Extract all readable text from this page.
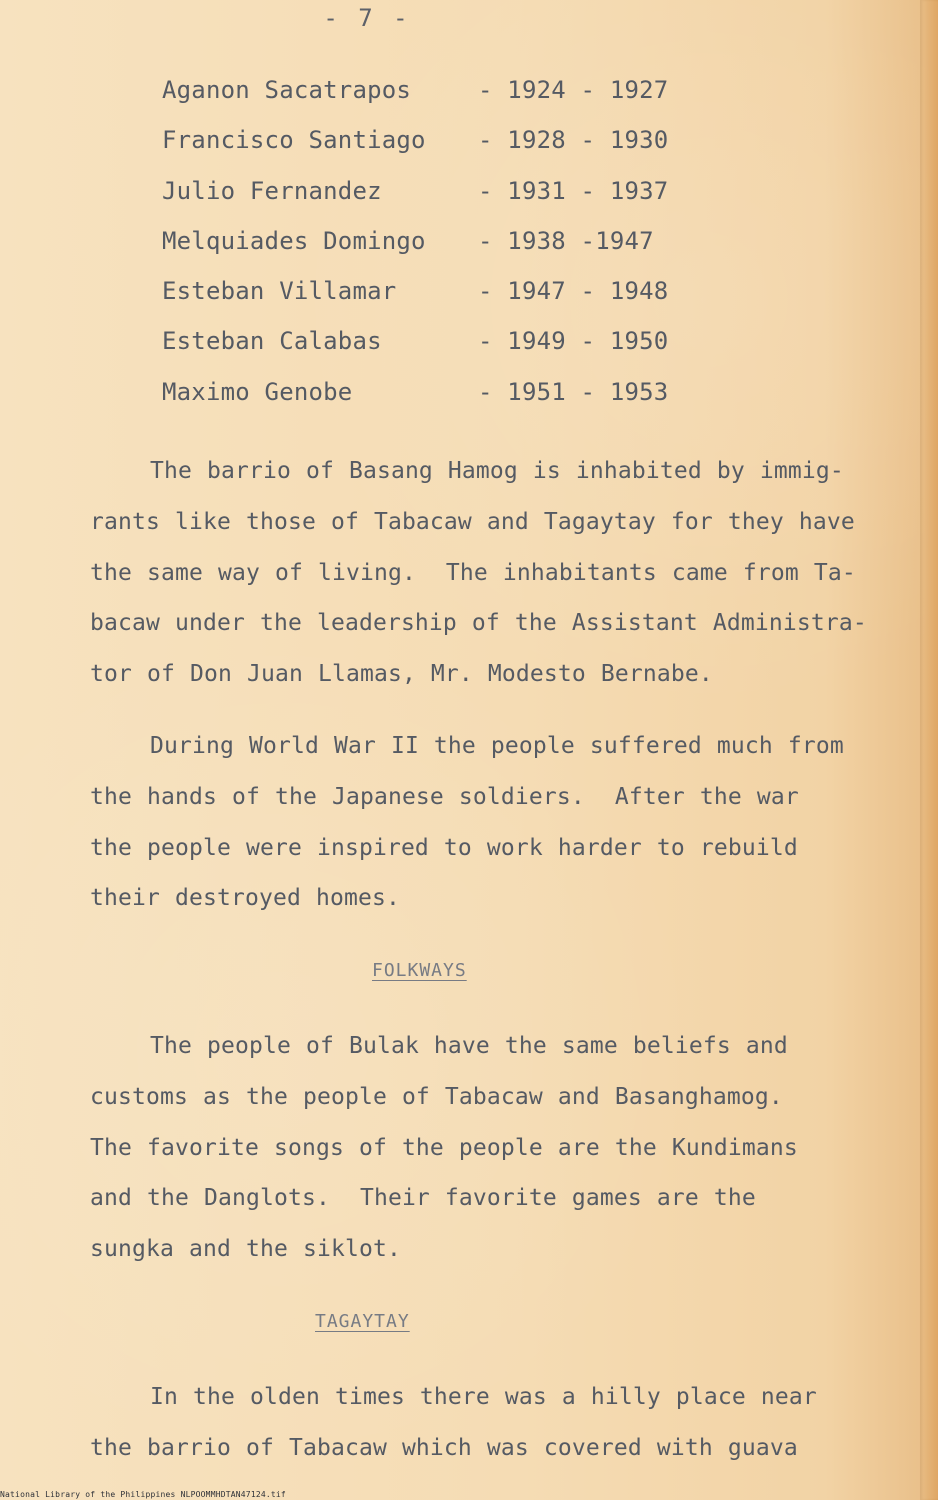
- 7 -
Aganon Sacatrapos	- 1924 - 1927
Francisco Santiago	- 1928 - 1930
Julio Fernandez	- 1931 - 1937
Melquiades Domingo	- 1938 -1947
Esteban Villamar	- 1947 - 1948
Esteban Calabas	- 1949 - 1950
Maximo Genobe	- 1951 - 1953
The barrio of Basang Hamog is inhabited by immig-
rants like those of Tabacaw and Tagaytay for they have
the same way of living.  The inhabitants came from Ta-
bacaw under the leadership of the Assistant Administra-
tor of Don Juan Llamas, Mr. Modesto Bernabe.
During World War II the people suffered much from
the hands of the Japanese soldiers.  After the war
the people were inspired to work harder to rebuild
their destroyed homes.
FOLKWAYS
The people of Bulak have the same beliefs and
customs as the people of Tabacaw and Basanghamog.
The favorite songs of the people are the Kundimans
and the Danglots.  Their favorite games are the
sungka and the siklot.
TAGAYTAY
In the olden times there was a hilly place near
the barrio of Tabacaw which was covered with guava
National Library of the Philippines NLPOOMMHDTAN47124.tif
